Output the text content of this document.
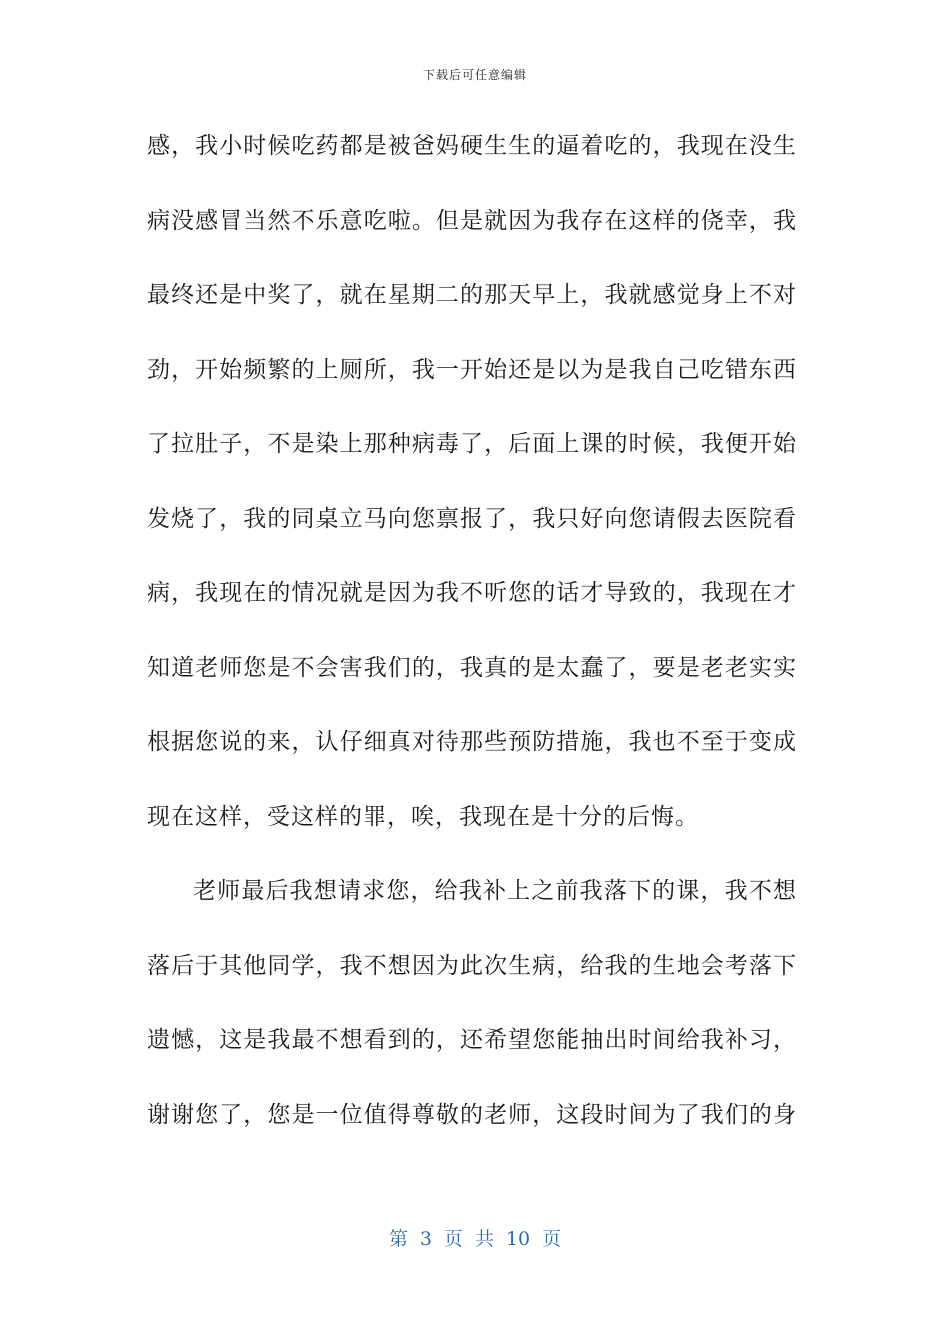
下载后可任意编辑
感，我小时候吃药都是被爸妈硬生生的逼着吃的，我现在没生
病没感冒当然不乐意吃啦。但是就因为我存在这样的侥幸，我
最终还是中奖了，就在星期二的那天早上，我就感觉身上不对
劲，开始频繁的上厕所，我一开始还是以为是我自己吃错东西
了拉肚子，不是染上那种病毒了，后面上课的时候，我便开始
发烧了，我的同桌立马向您禀报了，我只好向您请假去医院看
病，我现在的情况就是因为我不听您的话才导致的，我现在才
知道老师您是不会害我们的，我真的是太蠢了，要是老老实实
根据您说的来，认仔细真对待那些预防措施，我也不至于变成
现在这样，受这样的罪，唉，我现在是十分的后悔。
老师最后我想请求您，给我补上之前我落下的课，我不想
落后于其他同学，我不想因为此次生病，给我的生地会考落下
遗憾，这是我最不想看到的，还希望您能抽出时间给我补习，
谢谢您了，您是一位值得尊敬的老师，这段时间为了我们的身
第 3 页 共 10 页
